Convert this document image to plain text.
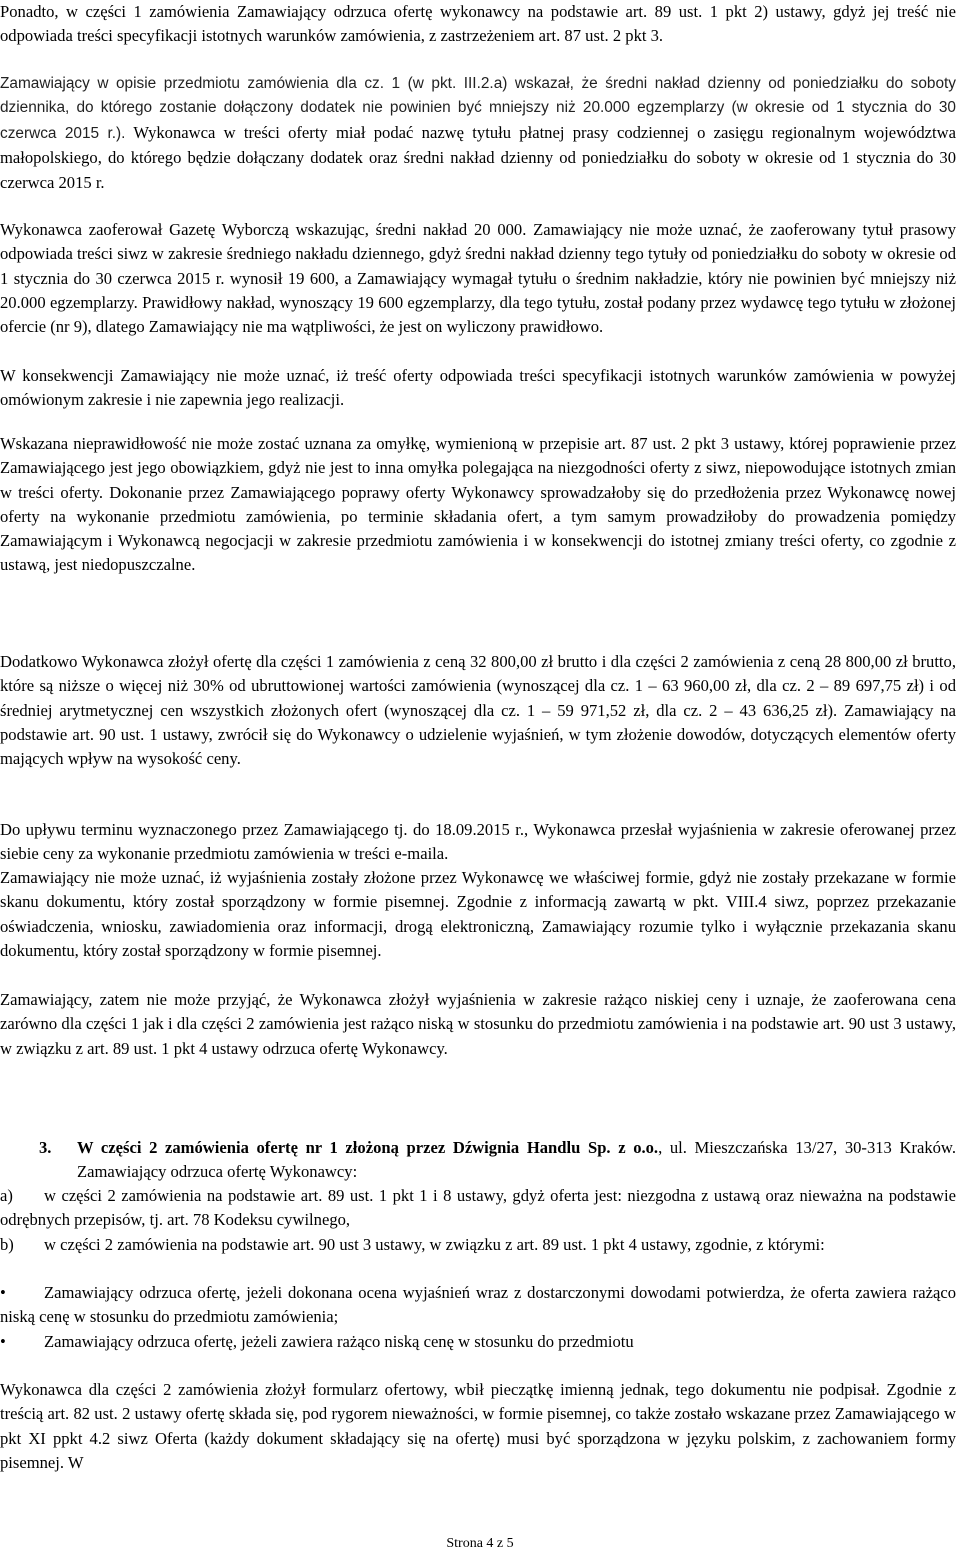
Ponadto, w części 1 zamówienia Zamawiający odrzuca ofertę wykonawcy na podstawie art. 89 ust. 1 pkt 2) ustawy, gdyż jej treść nie odpowiada treści specyfikacji istotnych warunków zamówienia, z zastrzeżeniem art. 87 ust. 2 pkt 3.

Zamawiający w opisie przedmiotu zamówienia dla cz. 1 (w pkt. III.2.a) wskazał, że średni nakład dzienny od poniedziałku do soboty dziennika, do którego zostanie dołączony dodatek nie powinien być mniejszy niż 20.000 egzemplarzy (w okresie od 1 stycznia do 30 czerwca 2015 r.). Wykonawca w treści oferty miał podać nazwę tytułu płatnej prasy codziennej o zasięgu regionalnym województwa małopolskiego, do którego będzie dołączany dodatek oraz średni nakład dzienny od poniedziałku do soboty w okresie od 1 stycznia do 30 czerwca 2015 r.

Wykonawca zaoferował Gazetę Wyborczą wskazując, średni nakład 20 000. Zamawiający nie może uznać, że zaoferowany tytuł prasowy odpowiada treści siwz w zakresie średniego nakładu dziennego, gdyż średni nakład dzienny tego tytuły od poniedziałku do soboty w okresie od 1 stycznia do 30 czerwca 2015 r. wynosił 19 600, a Zamawiający wymagał tytułu o średnim nakładzie, który nie powinien być mniejszy niż 20.000 egzemplarzy. Prawidłowy nakład, wynoszący 19 600 egzemplarzy, dla tego tytułu, został podany przez wydawcę tego tytułu w złożonej ofercie (nr 9), dlatego Zamawiający nie ma wątpliwości, że jest on wyliczony prawidłowo.

W konsekwencji Zamawiający nie może uznać, iż treść oferty odpowiada treści specyfikacji istotnych warunków zamówienia w powyżej omówionym zakresie i nie zapewnia jego realizacji.

Wskazana nieprawidłowość nie może zostać uznana za omyłkę, wymienioną w przepisie art. 87 ust. 2 pkt 3 ustawy, której poprawienie przez Zamawiającego jest jego obowiązkiem, gdyż nie jest to inna omyłka polegająca na niezgodności oferty z siwz, niepowodujące istotnych zmian w treści oferty. Dokonanie przez Zamawiającego poprawy oferty Wykonawcy sprowadzałoby się do przedłożenia przez Wykonawcę nowej oferty na wykonanie przedmiotu zamówienia, po terminie składania ofert, a tym samym prowadziłoby do prowadzenia pomiędzy Zamawiającym i Wykonawcą negocjacji w zakresie przedmiotu zamówienia i w konsekwencji do istotnej zmiany treści oferty, co zgodnie z ustawą, jest niedopuszczalne.

Dodatkowo Wykonawca złożył ofertę dla części 1 zamówienia z ceną 32 800,00 zł brutto i dla części 2 zamówienia z ceną 28 800,00 zł brutto, które są niższe o więcej niż 30% od ubruttowionej wartości zamówienia (wynoszącej dla cz. 1 – 63 960,00 zł, dla cz. 2 – 89 697,75 zł) i od średniej arytmetycznej cen wszystkich złożonych ofert (wynoszącej dla cz. 1 – 59 971,52 zł, dla cz. 2 – 43 636,25 zł). Zamawiający na podstawie art. 90 ust. 1 ustawy, zwrócił się do Wykonawcy o udzielenie wyjaśnień, w tym złożenie dowodów, dotyczących elementów oferty mających wpływ na wysokość ceny.

Do upływu terminu wyznaczonego przez Zamawiającego tj. do 18.09.2015 r., Wykonawca przesłał wyjaśnienia w zakresie oferowanej przez siebie ceny za wykonanie przedmiotu zamówienia w treści e-maila.

Zamawiający nie może uznać, iż wyjaśnienia zostały złożone przez Wykonawcę we właściwej formie, gdyż nie zostały przekazane w formie skanu dokumentu, który został sporządzony w formie pisemnej. Zgodnie z informacją zawartą w pkt. VIII.4 siwz, poprzez przekazanie oświadczenia, wniosku, zawiadomienia oraz informacji, drogą elektroniczną, Zamawiający rozumie tylko i wyłącznie przekazania skanu dokumentu, który został sporządzony w formie pisemnej.

Zamawiający, zatem nie może przyjąć, że Wykonawca złożył wyjaśnienia w zakresie rażąco niskiej ceny i uznaje, że zaoferowana cena zarówno dla części 1 jak i dla części 2 zamówienia jest rażąco niską w stosunku do przedmiotu zamówienia i na podstawie art. 90 ust 3 ustawy, w związku z art. 89 ust. 1 pkt 4 ustawy odrzuca ofertę Wykonawcy.

3. W części 2 zamówienia ofertę nr 1 złożoną przez Dźwignia Handlu Sp. z o.o., ul. Mieszczańska 13/27, 30-313 Kraków. Zamawiający odrzuca ofertę Wykonawcy:

a) w części 2 zamówienia na podstawie art. 89 ust. 1 pkt 1 i 8 ustawy, gdyż oferta jest: niezgodna z ustawą oraz nieważna na podstawie odrębnych przepisów, tj. art. 78 Kodeksu cywilnego,

b) w części 2 zamówienia na podstawie art. 90 ust 3 ustawy, w związku z art. 89 ust. 1 pkt 4 ustawy, zgodnie, z którymi:

• Zamawiający odrzuca ofertę, jeżeli dokonana ocena wyjaśnień wraz z dostarczonymi dowodami potwierdza, że oferta zawiera rażąco niską cenę w stosunku do przedmiotu zamówienia;

• Zamawiający odrzuca ofertę, jeżeli zawiera rażąco niską cenę w stosunku do przedmiotu

Wykonawca dla części 2 zamówienia złożył formularz ofertowy, wbił pieczątkę imienną jednak, tego dokumentu nie podpisał. Zgodnie z treścią art. 82 ust. 2 ustawy ofertę składa się, pod rygorem nieważności, w formie pisemnej, co także zostało wskazane przez Zamawiającego w pkt XI ppkt 4.2 siwz Oferta (każdy dokument składający się na ofertę) musi być sporządzona w języku polskim, z zachowaniem formy pisemnej. W

Strona 4 z 5
